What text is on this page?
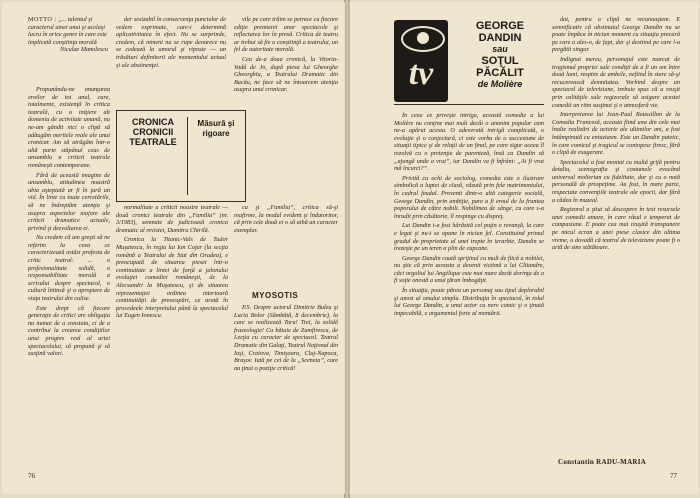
MOTTO : „... talentul şi caracterul ainei unui şi acelaşi lucru în orice genre în care este implicată conştiinţa morală
Niculae Manolescu

Propunându-ne anunţarea eroilor de tot anul, care, totalmente, existenţă în critica teatrală, cu o iniţiere alt domeniu de activitate umană, nu ne-am gândit nici o clipă să adăugăm meritele reale ale unui cronicar. Am să atrăgăm într-o altă parte stăpânul ceas de ansamblu a criticii teatrale româneşti contemporane.

Fără de această imagine de ansamblu, atitudinea noastră abia aşteptată ar fi în ţară un vid. În linie cu toate cercetările, să ne îndreptăm atenţia şi asupra aspectelor majore ale criticii dramatice actuale, privind şi dezvoltarea ei.

Nu credem că am greşit să ne referim la ceea ce caracterizează astăzi profesia de critic teatral: ... o profesionalitate solidă, o responsabilitate morală a scrisului despre spectacol, o cultură întinsă şi o apropiere de viaţa teatrului din culise.

Este drept că fiecare generaţie de critici are obligaţia nu numai de a constata, ci de a contribui la crearea condiţiilor unui progres real al artei spectacolului, să propună şi să susţină valori.

der sesizabil în consecvenţa punctelor de vedere exprimate, care-i determină aplicativitatea în efect. Nu se surprinde, credem, că nimeni nu se rupe deoarece nu se cedează la umorul şi riposte — un trăsături definitorii ale momentului actual şi ale abstinenţei.

vile pe care trăim se petrece cu fiecare ediţie premierei unor spectacole şi reflectarea lor în presă. Critica de teatru ar trebui să fie o conştiinţă a teatrului, un fel de autoritate morală.

Cea de-a doua cronică, la Vitoria-Vadă de Jo, după piesa lui Gheorghe Gheorghiu, a Teatrului Dramatic din Bacău, ne face să ne întoarcem atenţia asupra unui cronicar.

CRONICA CRONICII TEATRALE
Măsură şi rigoare

normalitate a criticii noastre teatrale — două cronici teatrale din „Familia” (nr. 3/1983), semnate de judicioasă cronica dramatic al revistei, Dumitru Chirilă.

Cronica la Titanic-Vals de Tudor Muşatescu, în regia lui Ion Cojar (la secţia română a Teatrului de Stat din Oradea), e preocupată de situarea piesei într-o continuitate a liniei de forţă a jalonului evoluţiei comediei româneşti, de la Alecsandri la Muşatescu, şi de situarea reprezentaţiei ordinea interioară continuităţii de preocupări, ce arată în procedeele interpretului până la spectacolul lui Eugen Ionescu.

ca şi „Familia”, critica să-şi reafirme, la modul evident şi îndatoritor, că prin cele două ei o să aibă un caracter exemplar.

MYOSOTIS

P.S. Despre actorul Dimitrie Buleu şi Lucia Bolor (Sâmbătă, 8 decembrie), la care se realizează Taru! Trei, la solidă frazeologie! Cu bătaie de Zamfirescu, de Lecţia cu caracter de spectacol. Teatrul Dramatic din Galaţi, Teatrul Naţional din Iaşi, Craiova, Timişoara, Cluj-Napoca, Braşov. Iată pe cei de la „Sceneta”, care au ţinut o poziţie critică!

76
tv
GEORGE
DANDIN
sau
SOŢUL
PĂCĂLIT
de Molière

În ceea ce priveşte intriga, această comedie a lui Molière nu conţine mai mult decât o anonim popular cum ne-a apărut acesta. O adeverată intrigă complicată, o evoluţie şi o conjectură, ci este vorba de o succesiune de situaţii tipice şi de relaţii de un final, pe care sigur aceea îl rezolvă cu o pretenţie de parenteză, însă ca Dandin să „ajungă unde a vrut”, iar Dandin va fi înfrânt: „Ai fi vrut mă încurci?”.

Privită cu ochi de sociolog, comedia este o ilustrare simbolică a luptei de clasă, văzută prin fele matrimoniului, în cadrul feudal. Provenit dintr-o altă categorie socială, George Dandin, prin ambiţie, pare a fi eroul de la fruntea poporului de către nobili. Nobilimea de sânge, cu care s-a înrudit prin căsătorie, îl respinge cu dispreţ.

Lui Dandin i-a fost hărăzită cel puţin o revanşă, la care e legat şi nu-i se opune în niciun fel. Constituind primul gradul de proprietate al unei trepte în ierarhie, Dandin se trezeşte pe un teren a plin de capcane.

George Dandin caută sprijinul cu mult de fiică a nobilei, nu ştie că prin aceasta a devenit victimă a lui Clitandre, căci orgoliul lui Angélique este mai mare decât dorinţa de a fi soţie onestă a unui ţăran îmbogăţit.

În situaţia, poate părea un personaj sau tipul deplorabil şi anost al omului simplu. Distribuţia în spectacol, în rolul lui George Dandin, a unui actor cu nerv comic şi o ţinută impecabilă, e argumentul forte al montării.

dat, pentru o clipă ne recunoaştem. E semnificativ că obstinatul George Dandin nu se poate împăca în niciun moment cu situaţia precară pe care a ales-o, de fapt, dar şi destinul pe care l-a pregătit singur.

Indignat mereu, personajul este marcat de tragismul propriei sale condiţii de a fi un om între două lumi, respins de ambele, nefiind în stare să-şi recucerească demnitatea. Vorbind despre un spectacol de televiziune, trebuie spus că a reuşit prin calităţile sale regizorale să asigure acestei comedii un ritm susţinut şi o atmosferă vie.

Interpretarea lui Jean-Paul Roussillon de la Comedia Franceză, aceasta fiind una din cele mai înalte realizări de actorie ale ultimilor ani, a fost întâmpinată cu entuziasm. Este un Dandin patetic, în care comicul şi tragicul se contopesc firesc, fără o clipă de exagerare.

Spectacolul a fost montat cu multă grijă pentru detaliu, scenografia şi costumele evocând universul molierian cu fidelitate, dar şi cu o notă personală de prospeţime. Au fost, în mare parte, respectate convenţiile teatrale ale epocii, dar fără a cădea în muzeal.

Regizorul a ştiut să descopere în text resursele unei comedii amare, în care râsul e temperat de compasiune. E poate cea mai reuşită transpunere pe micul ecran a unei piese clasice din ultima vreme, o dovadă că teatrul de televiziune poate fi o artă de sine stătătoare.

Constantin RADU-MARIA
77
